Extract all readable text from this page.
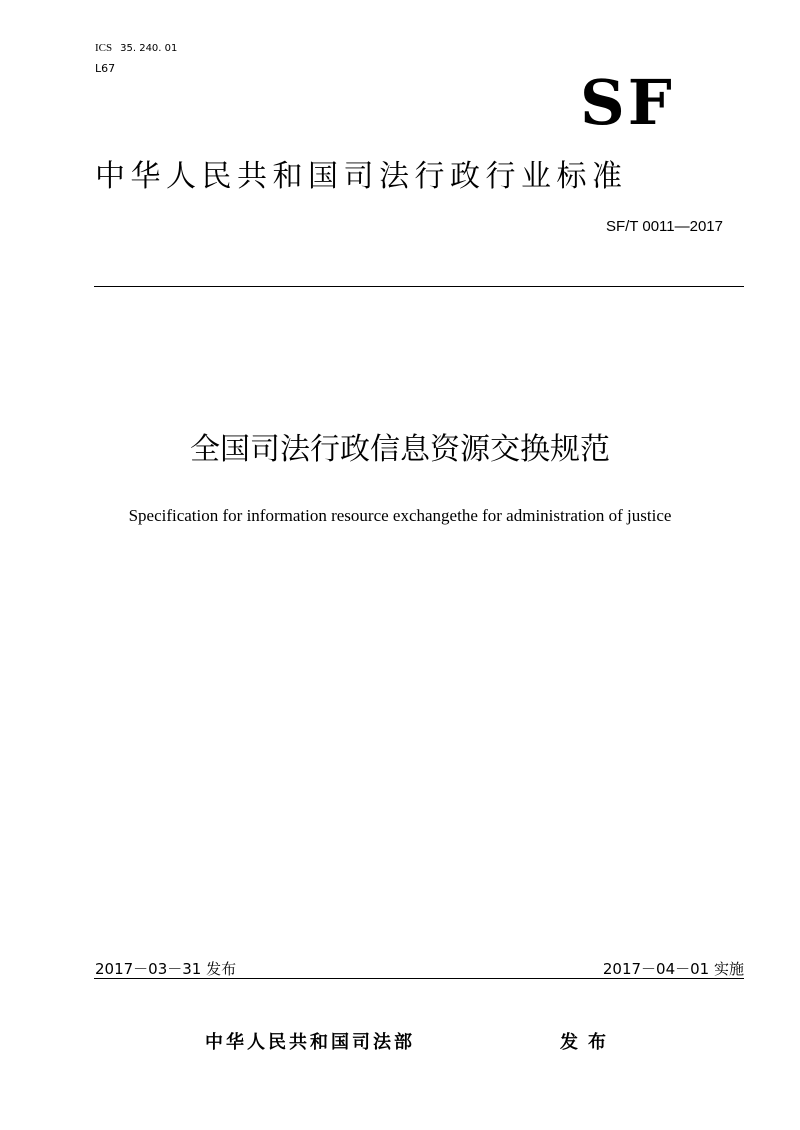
ICS 35. 240. 01
L67	SF
中华人民共和国司法行政行业标准
SF/T 0011—2017
全国司法行政信息资源交换规范
Specification for information resource exchangethe for administration of justice
2017－03－31 发布	2017－04－01 实施
中华人民共和国司法部	发布
